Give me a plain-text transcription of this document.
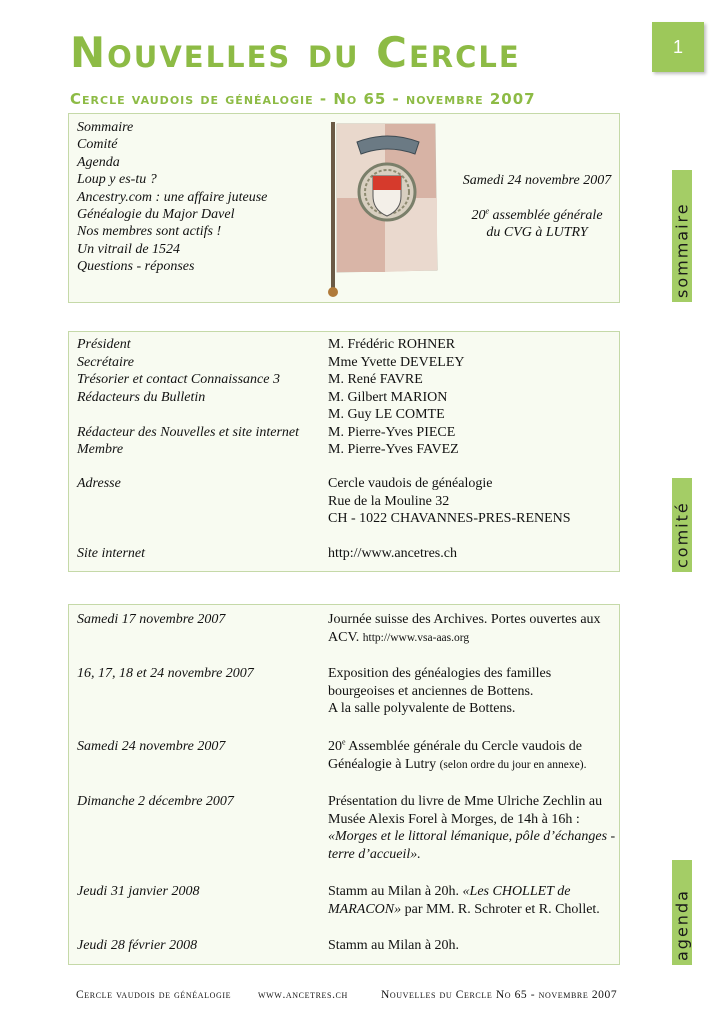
Nouvelles du Cercle
Cercle vaudois de généalogie - No 65 - novembre 2007
1
Sommaire
Comité
Agenda
Loup y es-tu ?
Ancestry.com : une affaire juteuse
Généalogie du Major Davel
Nos membres sont actifs !
Un vitrail de 1524
Questions - réponses
Samedi 24 novembre 2007
20e assemblée générale
du CVG à LUTRY
Président	M. Frédéric ROHNER
Secrétaire	Mme Yvette DEVELEY
Trésorier et contact Connaissance 3	M. René FAVRE
Rédacteurs du Bulletin	M. Gilbert MARION
M. Guy LE COMTE
Rédacteur des Nouvelles et site internet M. Pierre-Yves PIECE
Membre	M. Pierre-Yves FAVEZ
Adresse	Cercle vaudois de généalogie
Rue de la Mouline 32
CH - 1022 CHAVANNES-PRES-RENENS
Site internet	http://www.ancetres.ch
Samedi 17 novembre 2007	Journée suisse des Archives. Portes ouvertes aux ACV. http://www.vsa-aas.org
16, 17, 18 et 24 novembre 2007	Exposition des généalogies des familles bourgeoises et anciennes de Bottens.
A la salle polyvalente de Bottens.
Samedi 24 novembre 2007	20e Assemblée générale du Cercle vaudois de Généalogie à Lutry (selon ordre du jour en annexe).
Dimanche 2 décembre 2007	Présentation du livre de Mme Ulriche Zechlin au Musée Alexis Forel à Morges, de 14h à 16h : «Morges et le littoral lémanique, pôle d’échanges - terre d’accueil».
Jeudi 31 janvier 2008	Stamm au Milan à 20h. «Les CHOLLET de MARACON» par MM. R. Schroter et R. Chollet.
Jeudi 28 février 2008	Stamm au Milan à 20h.
sommaire
comité
agenda
Cercle vaudois de généalogie www.ancetres.ch	Nouvelles du Cercle No 65 - novembre 2007
